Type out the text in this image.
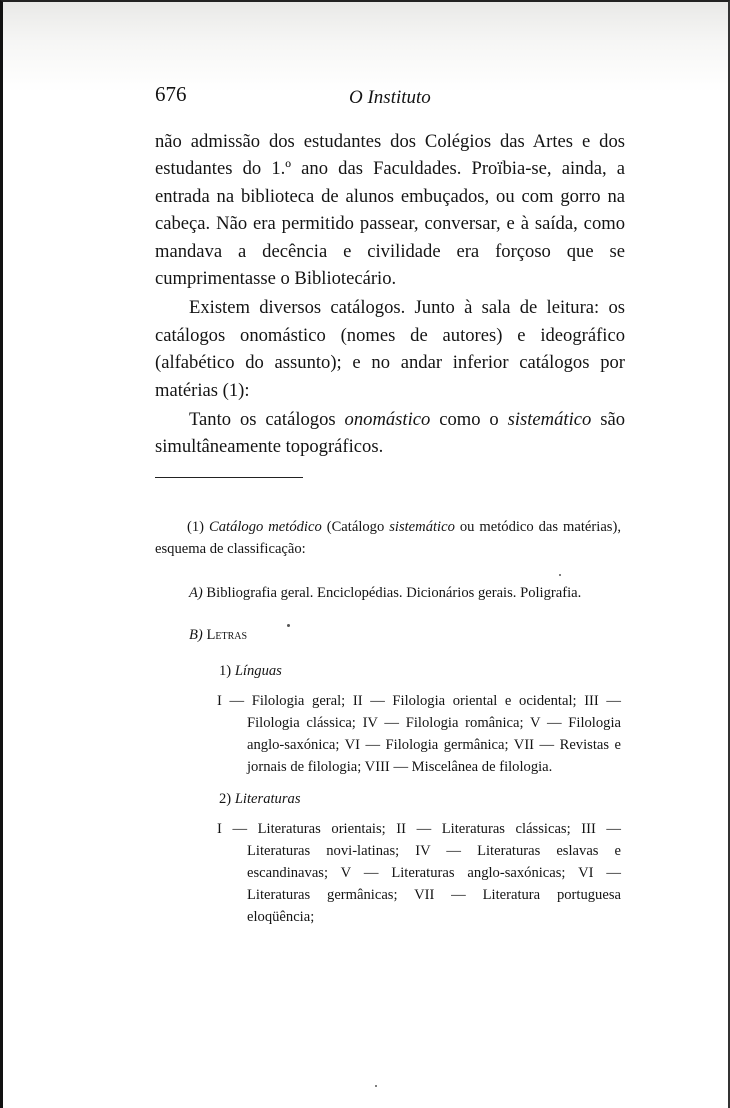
676	O Instituto

não admissão dos estudantes dos Colégios das Artes e dos estudantes do 1.º ano das Faculdades. Proïbia-se, ainda, a entrada na biblioteca de alunos embuçados, ou com gorro na cabeça. Não era permitido passear, conversar, e à saída, como mandava a decência e civilidade era forçoso que se cumprimentasse o Bibliotecário.

Existem diversos catálogos. Junto à sala de leitura: os catálogos onomástico (nomes de autores) e ideográfico (alfabético do assunto); e no andar inferior catálogos por matérias (1):

Tanto os catálogos onomástico como o sistemático são simultâneamente topográficos.

(1) Catálogo metódico (Catálogo sistemático ou metódico das matérias), esquema de classificação:

A) Bibliografia geral. Enciclopédias. Dicionários gerais. Poligrafia.

B) Letras

1) Línguas

I — Filologia geral; II — Filologia oriental e ocidental; III — Filologia clássica; IV — Filologia românica; V — Filologia anglo-saxónica; VI — Filologia germânica; VII — Revistas e jornais de filologia; VIII — Miscelânea de filologia.

2) Literaturas

I — Literaturas orientais; II — Literaturas clássicas; III — Literaturas novi-latinas; IV — Literaturas eslavas e escandinavas; V — Literaturas anglo-saxónicas; VI — Literaturas germânicas; VII — Literatura portuguesa eloqüência;
